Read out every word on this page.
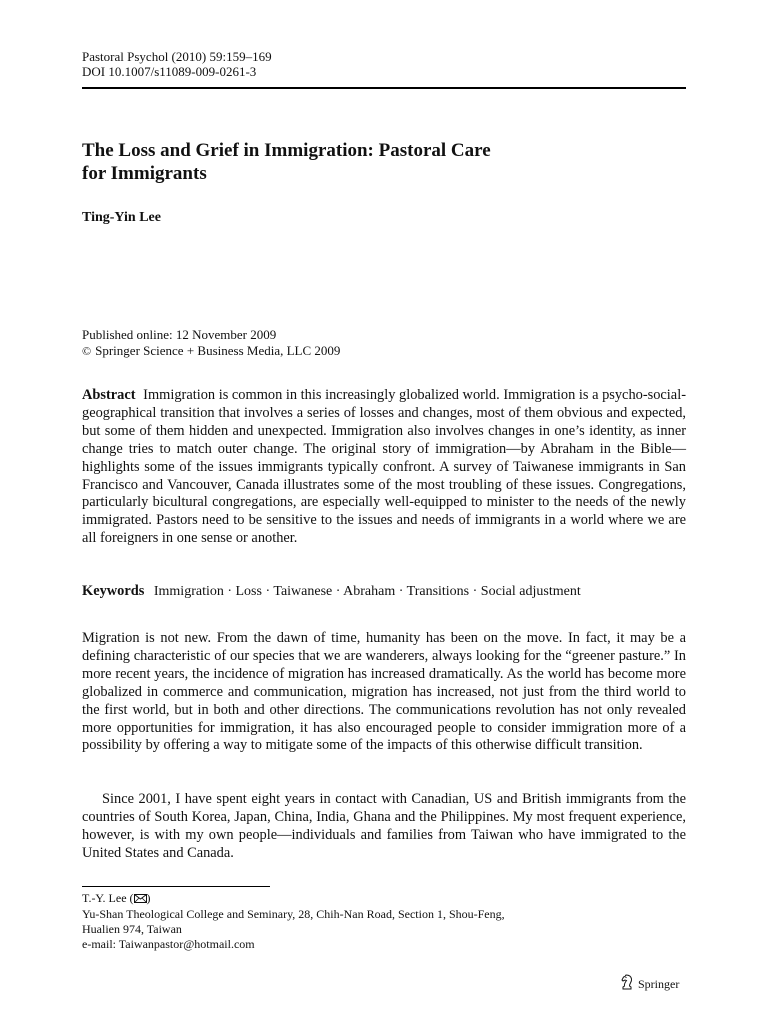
Pastoral Psychol (2010) 59:159–169
DOI 10.1007/s11089-009-0261-3
The Loss and Grief in Immigration: Pastoral Care
for Immigrants
Ting-Yin Lee
Published online: 12 November 2009
© Springer Science + Business Media, LLC 2009
Abstract Immigration is common in this increasingly globalized world. Immigration is a psycho-social-geographical transition that involves a series of losses and changes, most of them obvious and expected, but some of them hidden and unexpected. Immigration also involves changes in one’s identity, as inner change tries to match outer change. The original story of immigration—by Abraham in the Bible—highlights some of the issues immigrants typically confront. A survey of Taiwanese immigrants in San Francisco and Vancouver, Canada illustrates some of the most troubling of these issues. Congregations, particularly bicultural congregations, are especially well-equipped to minister to the needs of the newly immigrated. Pastors need to be sensitive to the issues and needs of immigrants in a world where we are all foreigners in one sense or another.
Keywords Immigration · Loss · Taiwanese · Abraham · Transitions · Social adjustment
Migration is not new. From the dawn of time, humanity has been on the move. In fact, it may be a defining characteristic of our species that we are wanderers, always looking for the “greener pasture.” In more recent years, the incidence of migration has increased dramatically. As the world has become more globalized in commerce and communication, migration has increased, not just from the third world to the first world, but in both and other directions. The communications revolution has not only revealed more opportunities for immigration, it has also encouraged people to consider immigration more of a possibility by offering a way to mitigate some of the impacts of this otherwise difficult transition.
Since 2001, I have spent eight years in contact with Canadian, US and British immigrants from the countries of South Korea, Japan, China, India, Ghana and the Philippines. My most frequent experience, however, is with my own people—individuals and families from Taiwan who have immigrated to the United States and Canada.
T.-Y. Lee ( )
Yu-Shan Theological College and Seminary, 28, Chih-Nan Road, Section 1, Shou-Feng,
Hualien 974, Taiwan
e-mail: Taiwanpastor@hotmail.com
Springer
